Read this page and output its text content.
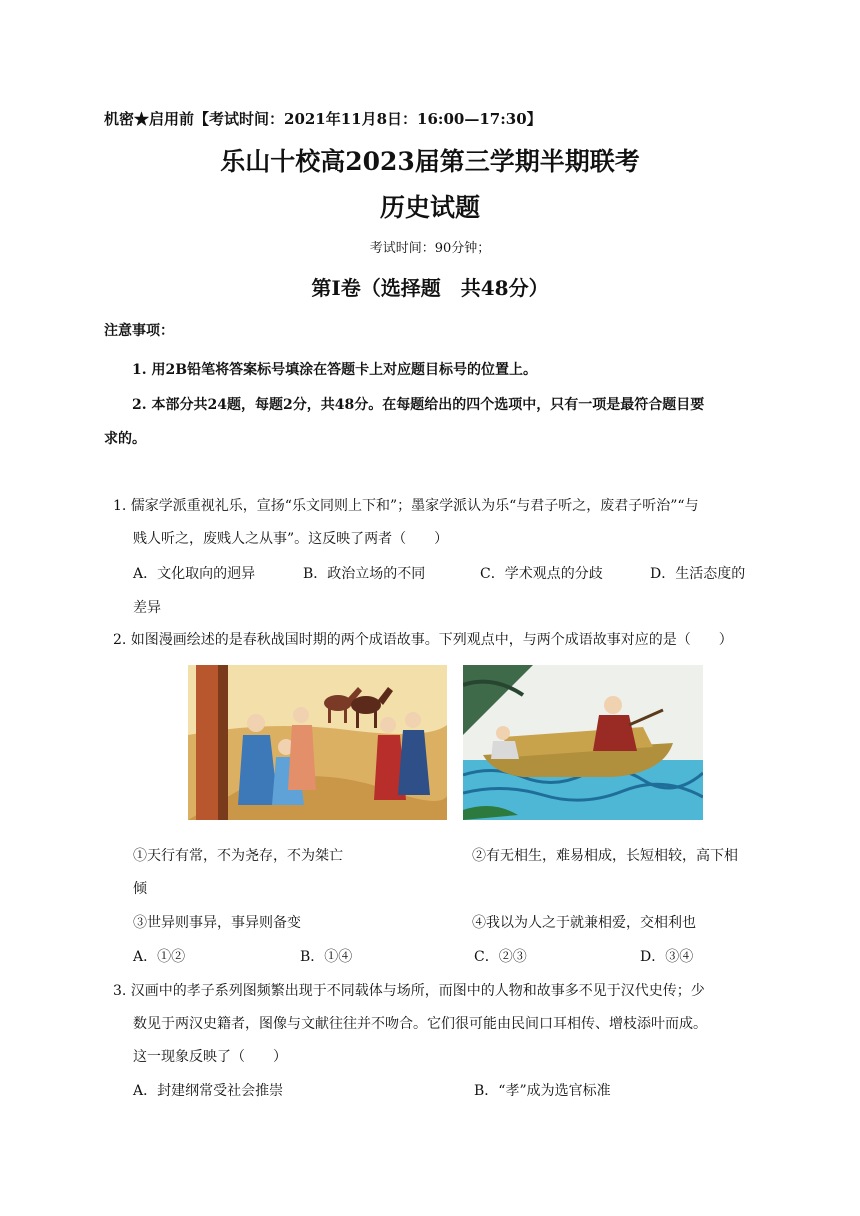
机密★启用前【考试时间：2021年11月8日：16:00—17:30】
乐山十校高2023届第三学期半期联考
历史试题
考试时间：90分钟；
第Ⅰ卷（选择题　共48分）
注意事项：
1. 用2B铅笔将答案标号填涂在答题卡上对应题目标号的位置上。
2. 本部分共24题，每题2分，共48分。在每题给出的四个选项中，只有一项是最符合题目要
求的。
1. 儒家学派重视礼乐，宣扬“乐文同则上下和”；墨家学派认为乐“与君子听之，废君子听治”“与
贱人听之，废贱人之从事”。这反映了两者（　　）
A．文化取向的迥异	B．政治立场的不同	C．学术观点的分歧	D．生活态度的
差异
2. 如图漫画绘述的是春秋战国时期的两个成语故事。下列观点中，与两个成语故事对应的是（　　）
①天行有常，不为尧存，不为桀亡	②有无相生，难易相成，长短相较，高下相
倾
③世异则事异，事异则备变	④我以为人之于就兼相爱，交相利也
A．①②	B．①④	C．②③	D．③④
3. 汉画中的孝子系列图频繁出现于不同载体与场所，而图中的人物和故事多不见于汉代史传；少
数见于两汉史籍者，图像与文献往往并不吻合。它们很可能由民间口耳相传、增枝添叶而成。
这一现象反映了（　　）
A．封建纲常受社会推崇	B．“孝”成为选官标准
